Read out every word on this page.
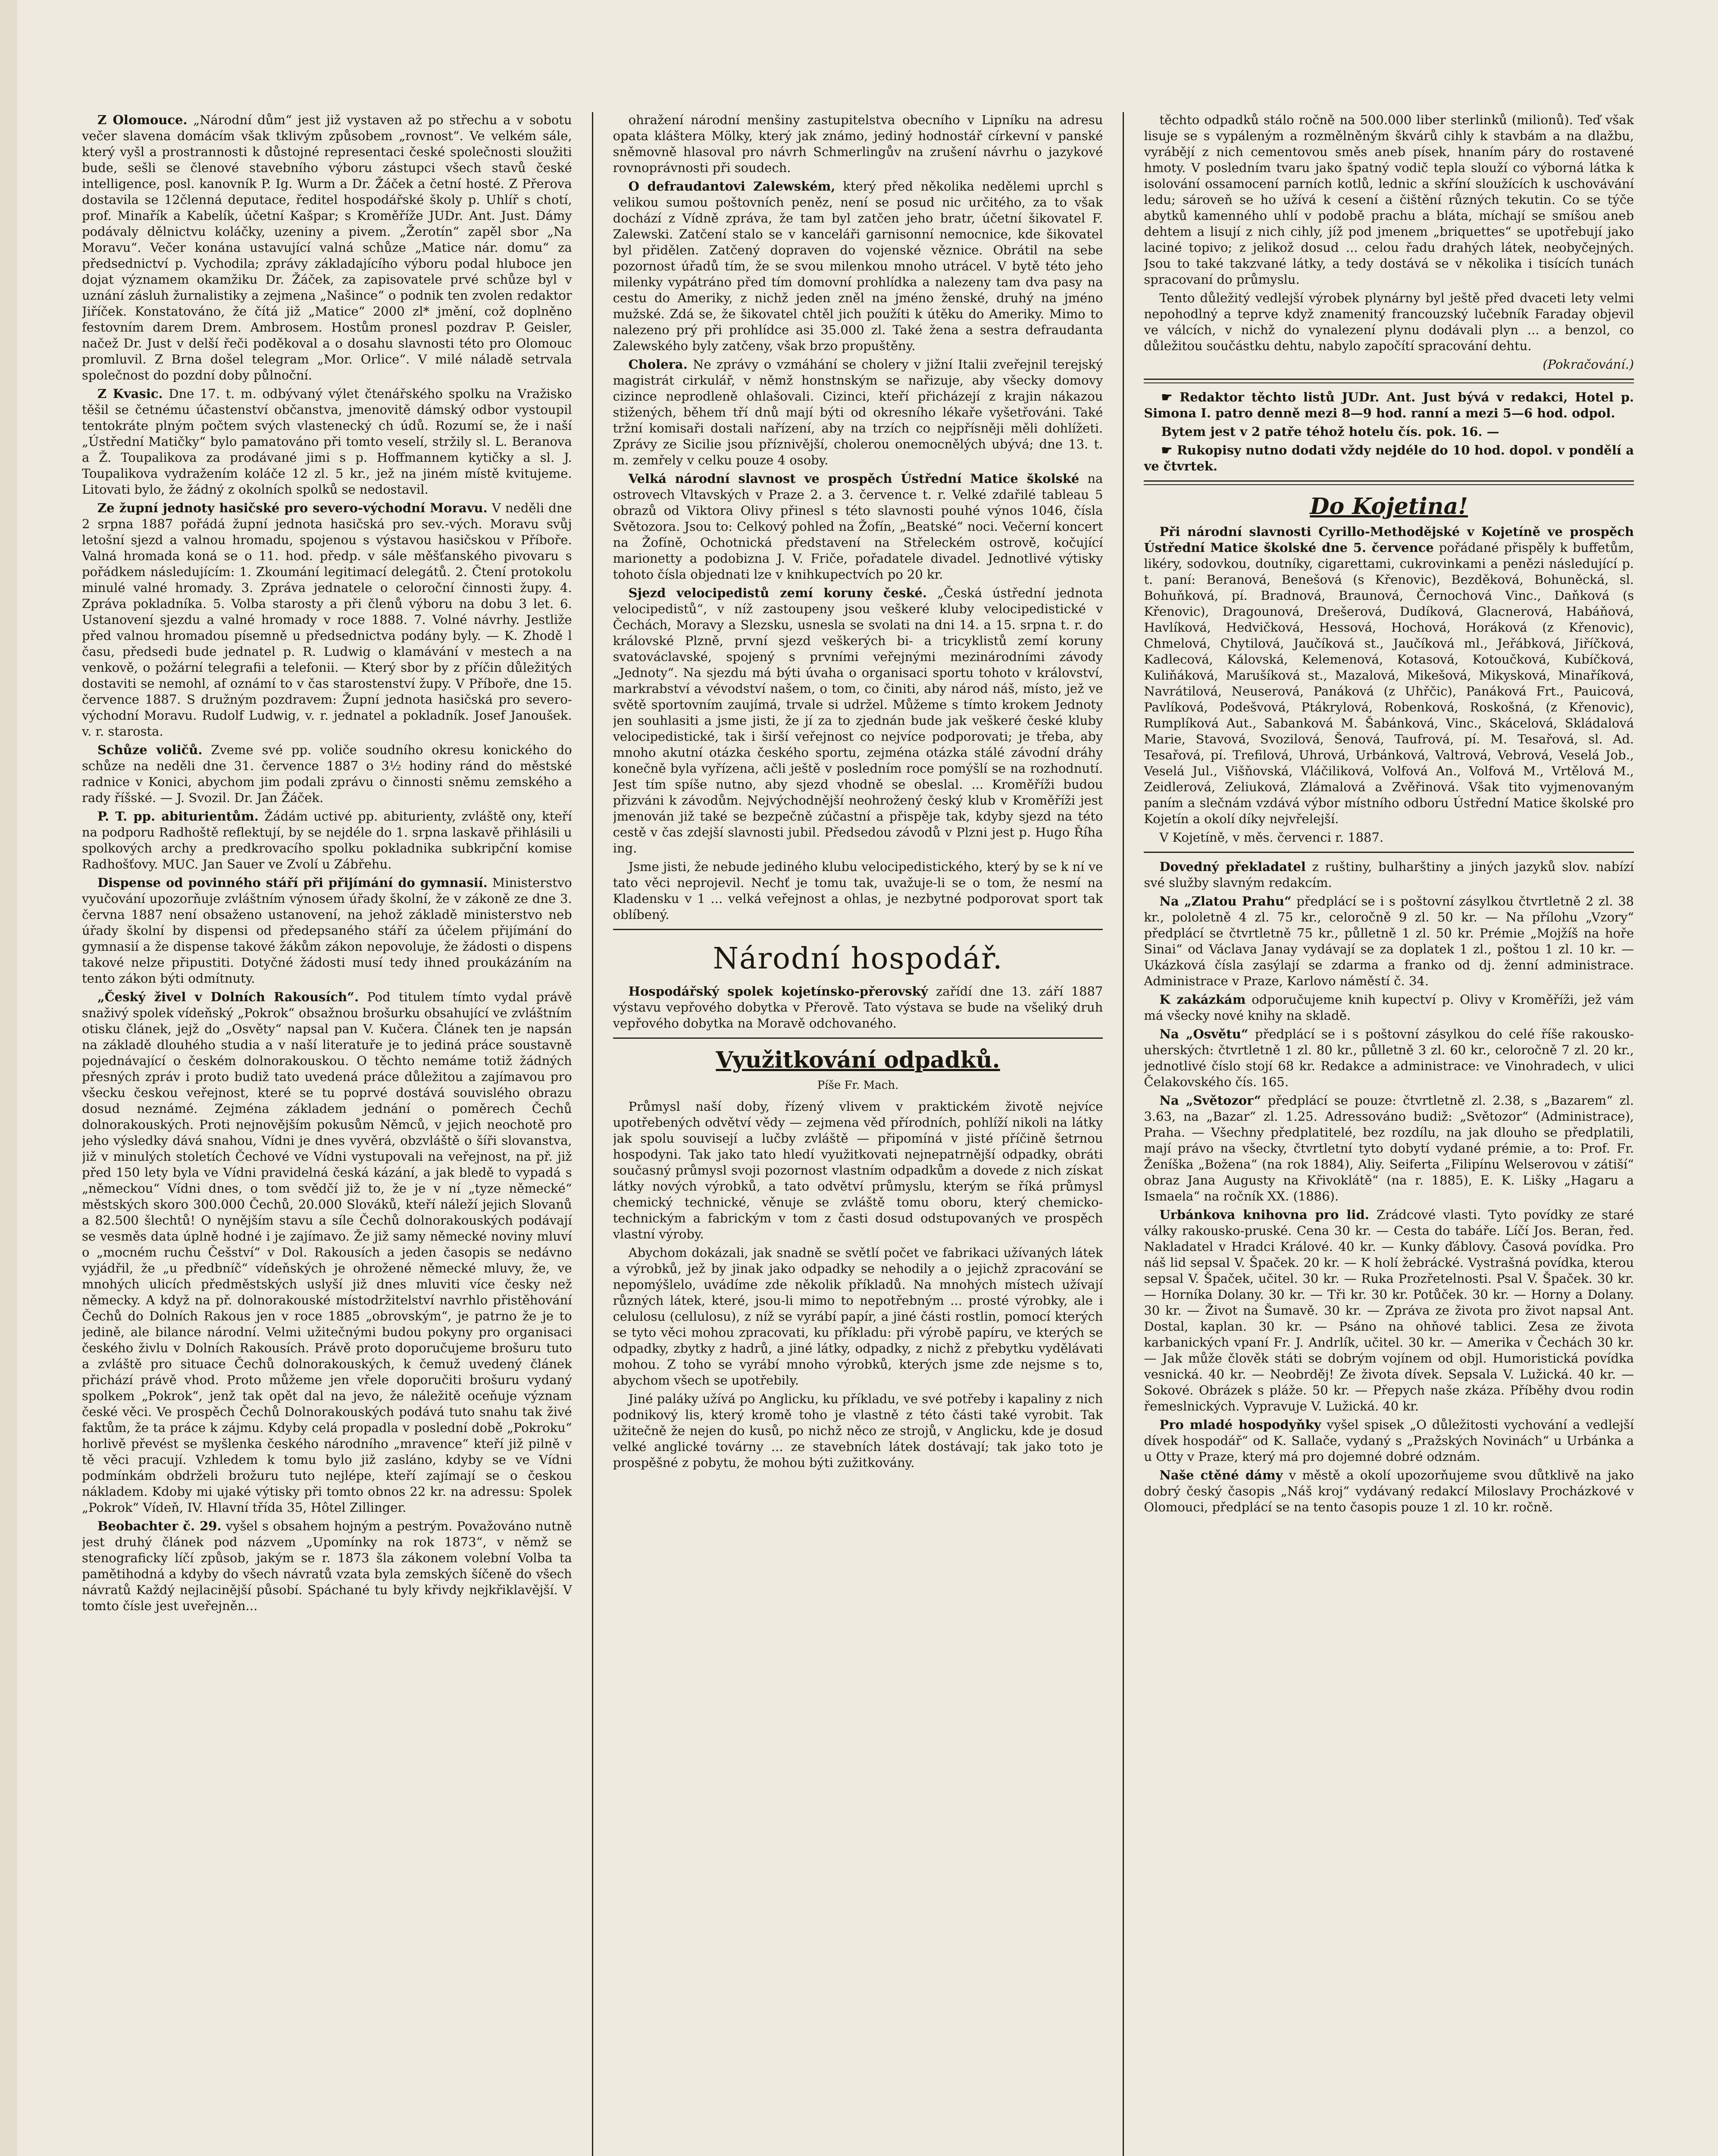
Z Olomouce. „Národní dům“ jest již vystaven až po střechu a v sobotu večer slavena domácím však tklivým způsobem „rovnost“. Ve velkém sále, který vyšl a prostrannosti k důstojné representaci české společnosti sloužiti bude, sešli se členové stavebního výboru zástupci všech stavů české intelligence, posl. kanovník P. Ig. Wurm a Dr. Žáček a četní hosté. Z Přerova dostavila se 12členná deputace, ředitel hospodářské školy p. Uhlíř s chotí, prof. Minařík a Kabelík, účetní Kašpar; s Kroměříže JUDr. Ant. Just. Dámy podávaly dělnictvu koláčky, uzeniny a pivem. „Žerotín“ zapěl sbor „Na Moravu“. Večer konána ustavující valná schůze „Matice nár. domu“ za předsednictví p. Vychodila; zprávy základajícího výboru podal hluboce jen dojat významem okamžiku Dr. Žáček, za zapisovatele prvé schůze byl v uznání zásluh žurnalistiky a zejmena „Našince“ o podnik ten zvolen redaktor Jiříček. Konstatováno, že čítá již „Matice“ 2000 zl* jmění, což doplněno festovním darem Drem. Ambrosem. Hostům pronesl pozdrav P. Geisler, načež Dr. Just v delší řeči poděkoval a o dosahu slavnosti této pro Olomouc promluvil. Z Brna došel telegram „Mor. Orlice“. V milé náladě setrvala společnost do pozdní doby půlnoční.

Z Kvasic. Dne 17. t. m. odbývaný výlet čtenářského spolku na Vražisko těšil se četnému účastenství občanstva, jmenovitě dámský odbor vystoupil tentokráte plným počtem svých vlastenecký ch údů. Rozumí se, že i naší „Ústřední Matičky“ bylo pamatováno při tomto veselí, stržily sl. L. Beranova a Ž. Toupalikova za prodávané jimi s p. Hoffmannem kytičky a sl. J. Toupalikova vydražením koláče 12 zl. 5 kr., jež na jiném místě kvitujeme. Litovati bylo, že žádný z okolních spolků se nedostavil.

Ze župní jednoty hasičské pro severo-východní Moravu. V neděli dne 2 srpna 1887 pořádá župní jednota hasičská pro sev.-vých. Moravu svůj letošní sjezd a valnou hromadu, spojenou s výstavou hasičskou v Příboře. Valná hromada koná se o 11. hod. předp. v sále měšťanského pivovaru s pořádkem následujícím: 1. Zkoumání legitimací delegátů. 2. Čtení protokolu minulé valné hromady. 3. Zpráva jednatele o celoroční činnosti župy. 4. Zpráva pokladníka. 5. Volba starosty a při členů výboru na dobu 3 let. 6. Ustanovení sjezdu a valné hromady v roce 1888. 7. Volné návrhy. Jestliže před valnou hromadou písemně u předsednictva podány byly. — K. Zhodě l času, předsedi bude jednatel p. R. Ludwig o klamávání v mestech a na venkově, o požární telegrafii a telefonii. — Který sbor by z příčin důležitých dostaviti se nemohl, af oznámí to v čas starostenství župy. V Příboře, dne 15. července 1887. S družným pozdravem: Župní jednota hasičská pro severo-východní Moravu. Rudolf Ludwig, v. r. jednatel a pokladník. Josef Janoušek. v. r. starosta.

Schůze voličů. Zveme své pp. voliče soudního okresu konického do schůze na neděli dne 31. července 1887 o 3½ hodiny ránd do městské radnice v Konici, abychom jim podali zprávu o činnosti sněmu zemského a rady říšské. — J. Svozil. Dr. Jan Žáček.

P. T. pp. abiturientům. Žádám uctivé pp. abiturienty, zvláště ony, kteří na podporu Radhoště reflektují, by se nejdéle do 1. srpna laskavě přihlásili u spolkových archy a predkrovacího spolku pokladnika subkripční komise Radhošťovy. MUC. Jan Sauer ve Zvolí u Zábřehu.

Dispense od povinného stáří při přijímání do gymnasií. Ministerstvo vyučování upozorňuje zvláštním výnosem úřady školní, že v zákoně ze dne 3. června 1887 není obsaženo ustanovení, na jehož základě ministerstvo neb úřady školní by dispensi od předepsaného stáří za účelem přijímání do gymnasií a že dispense takové žákům zákon nepovoluje, že žádosti o dispens takové nelze připustiti. Dotyčné žádosti musí tedy ihned proukázáním na tento zákon býti odmítnuty.

„Český živel v Dolních Rakousích“. Pod titulem tímto vydal právě snaživý spolek vídeňský „Pokrok“ obsažnou brošurku obsahující ve zvláštním otisku článek, jejž do „Osvěty“ napsal pan V. Kučera. Článek ten je napsán na základě dlouhého studia a v naší literatuře je to jediná práce soustavně pojednávající o českém dolnorakouskou. O těchto nemáme totiž žádných přesných zpráv i proto budiž tato uvedená práce důležitou a zajímavou pro všecku českou veřejnost, které se tu poprvé dostává souvislého obrazu dosud neznámé. Zejména základem jednání o poměrech Čechů dolnorakouských. Proti nejnovějším pokusům Němců, v jejich neochotě pro jeho výsledky dává snahou, Vídni je dnes vyvěrá, obzvláště o šíři slovanstva, již v minulých stoletích Čechové ve Vídni vystupovali na veřejnost, na př. již před 150 lety byla ve Vídni pravidelná česká kázání, a jak bledě to vypadá s „německou“ Vídni dnes, o tom svědčí již to, že je v ní „tyze německé“ městských skoro 300.000 Čechů, 20.000 Slováků, kteří náleží jejich Slovanů a 82.500 šlechtů! O nynějším stavu a síle Čechů dolnorakouských podávají se vesměs data úplně hodné i je zajímavo. Že již samy německé noviny mluví o „mocném ruchu Češství“ v Dol. Rakousích a jeden časopis se nedávno vyjádřil, že „u předbníč“ vídeňských je ohrožené německé mluvy, že, ve mnohých ulicích předměstských uslyší již dnes mluviti více česky než německy. A když na př. dolnorakouské místodržitelství navrhlo přistěhování Čechů do Dolních Rakous jen v roce 1885 „obrovským“, je patrno že je to jedině, ale bilance národní. Velmi užitečnými budou pokyny pro organisaci českého živlu v Dolních Rakousích. Právě proto doporučujeme brošuru tuto a zvláště pro situace Čechů dolnorakouských, k čemuž uvedený článek přichází právě vhod. Proto můžeme jen vřele doporučiti brošuru vydaný spolkem „Pokrok“, jenž tak opět dal na jevo, že náležitě oceňuje význam české věci. Ve prospěch Čechů Dolnorakouských podává tuto snahu tak živé faktům, že ta práce k zájmu. Kdyby celá propadla v poslední době „Pokroku“ horlivě převést se myšlenka českého národního „mravence“ kteří již pilně v tě věci pracují. Vzhledem k tomu bylo již zasláno, kdyby se ve Vídni podmínkám obdrželi brožuru tuto nejlépe, kteří zajímají se o českou nákladem. Kdoby mi ujaké výtisky při tomto obnos 22 kr. na adressu: Spolek „Pokrok“ Vídeň, IV. Hlavní třída 35, Hôtel Zillinger.

Beobachter č. 29. vyšel s obsahem hojným a pestrým. Považováno nutně jest druhý článek pod názvem „Upomínky na rok 1873“, v němž se stenograficky líčí způsob, jakým se r. 1873 šla zákonem volební Volba ta pamětihodná a kdyby do všech návratů vzata byla zemských šíčeně do všech návratů Každý nejlacinější působí. Spáchané tu byly křivdy nejkřiklavější. V tomto čísle jest uveřejněn...

ohražení národní menšiny zastupitelstva obecního v Lipníku na adresu opata kláštera Mölky, který jak známo, jediný hodnostář církevní v panské sněmovně hlasoval pro návrh Schmerlingův na zrušení návrhu o jazykové rovnoprávnosti při soudech.

O defraudantovi Zalewském, který před několika nedělemi uprchl s velikou sumou poštovních peněz, není se posud nic určitého, za to však dochází z Vídně zpráva, že tam byl zatčen jeho bratr, účetní šikovatel F. Zalewski. Zatčení stalo se v kanceláři garnisonní nemocnice, kde šikovatel byl přidělen. Zatčený dopraven do vojenské věznice. Obrátil na sebe pozornost úřadů tím, že se svou milenkou mnoho utrácel. V bytě této jeho milenky vypátráno před tím domovní prohlídka a nalezeny tam dva pasy na cestu do Ameriky, z nichž jeden zněl na jméno ženské, druhý na jméno mužské. Zdá se, že šikovatel chtěl jich použíti k útěku do Ameriky. Mimo to nalezeno prý při prohlídce asi 35.000 zl. Také žena a sestra defraudanta Zalewského byly zatčeny, však brzo propuštěny.

Cholera. Ne zprávy o vzmáhání se cholery v jižní Italii zveřejnil terejský magistrát cirkulář, v němž honstnským se nařizuje, aby všecky domovy cizince neprodleně ohlašovali. Cizinci, kteří přicházejí z krajin nákazou stižených, během tří dnů mají býti od okresního lékaře vyšetřováni. Také tržní komisaři dostali nařízení, aby na trzích co nejpřísněji měli dohlížeti. Zprávy ze Sicilie jsou příznivější, cholerou onemocnělých ubývá; dne 13. t. m. zemřely v celku pouze 4 osoby.

Velká národní slavnost ve prospěch Ústřední Matice školské na ostrovech Vltavských v Praze 2. a 3. července t. r. Velké zdařilé tableau 5 obrazů od Viktora Olivy přinesl s této slavnosti pouhé výnos 1046, čísla Světozora. Jsou to: Celkový pohled na Žofín, „Beatské“ noci. Večerní koncert na Žofíně, Ochotnická představení na Střeleckém ostrově, kočující marionetty a podobizna J. V. Friče, pořadatele divadel. Jednotlivé výtisky tohoto čísla objednati lze v knihkupectvích po 20 kr.

Sjezd velocipedistů zemí koruny české. „Česká ústřední jednota velocipedistů“, v níž zastoupeny jsou veškeré kluby velocipedistické v Čechách, Moravy a Slezsku, usnesla se svolati na dni 14. a 15. srpna t. r. do královské Plzně, první sjezd veškerých bi- a tricyklistů zemí koruny svatováclavské, spojený s prvními veřejnými mezinárodními závody „Jednoty“. Na sjezdu má býti úvaha o organisaci sportu tohoto v království, markrabství a vévodství našem, o tom, co činiti, aby národ náš, místo, jež ve světě sportovním zaujímá, trvale si udržel. Můžeme s tímto krokem Jednoty jen souhlasiti a jsme jisti, že jí za to zjednán bude jak veškeré české kluby velocipedistické, tak i širší veřejnost co nejvíce podporovati; je třeba, aby mnoho akutní otázka českého sportu, zejména otázka stálé závodní dráhy konečně byla vyřízena, ačli ještě v posledním roce pomýšlí se na rozhodnutí. Jest tím spíše nutno, aby sjezd vhodně se obeslal. ... Kroměříži budou přizváni k závodům. Nejvýchodnější neohrožený český klub v Kroměříži jest jmenován již také se bezpečně zúčastní a přispěje tak, kdyby sjezd na této cestě v čas zdejší slavnosti jubil. Předsedou závodů v Plzni jest p. Hugo Říha ing.

Jsme jisti, že nebude jediného klubu velocipedistického, který by se k ní ve tato věci neprojevil. Nechť je tomu tak, uvažuje-li se o tom, že nesmí na Kladensku v 1 ... velká veřejnost a ohlas, je nezbytné podporovat sport tak oblíbený.

Národní hospodář.

Hospodářský spolek kojetínsko-přerovský zařídí dne 13. září 1887 výstavu vepřového dobytka v Přerově. Tato výstava se bude na všeliký druh vepřového dobytka na Moravě odchovaného.

Využitkování odpadků.
Píše Fr. Mach.

Průmysl naší doby, řízený vlivem v praktickém životě nejvíce upotřebených odvětví vědy — zejmena věd přírodních, pohlíží nikoli na látky jak spolu souvisejí a lučby zvláště — připomíná v jisté příčině šetrnou hospodyni. Tak jako tato hledí využitkovati nejnepatrnější odpadky, obráti současný průmysl svoji pozornost vlastním odpadkům a dovede z nich získat látky nových výrobků, a tato odvětví průmyslu, kterým se říká průmysl chemický technické, věnuje se zvláště tomu oboru, který chemicko-technickým a fabrickým v tom z časti dosud odstupovaných ve prospěch vlastní výroby.

Abychom dokázali, jak snadně se světlí počet ve fabrikaci užívaných látek a výrobků, jež by jinak jako odpadky se nehodily a o jejichž zpracování se nepomýšlelo, uvádíme zde několik příkladů. Na mnohých místech užívají různých látek, které, jsou-li mimo to nepotřebným ... prosté výrobky, ale i celulosu (cellulosu), z níž se vyrábí papír, a jiné části rostlin, pomocí kterých se tyto věci mohou zpracovati, ku příkladu: při výrobě papíru, ve kterých se odpadky, zbytky z hadrů, a jiné látky, odpadky, z nichž z přebytku vydělávati mohou. Z toho se vyrábí mnoho výrobků, kterých jsme zde nejsme s to, abychom všech se upotřebily.

Jiné paláky užívá po Anglicku, ku příkladu, ve své potřeby i kapaliny z nich podnikový lis, který kromě toho je vlastně z této části také vyrobit. Tak užitečně že nejen do kusů, po nichž něco ze strojů, v Anglicku, kde je dosud velké anglické továrny ... ze stavebních látek dostávají; tak jako toto je prospěšné z pobytu, že mohou býti zužitkovány.

těchto odpadků stálo ročně na 500.000 liber sterlinků (milionů). Teď však lisuje se s vypáleným a rozmělněným škvárů cihly k stavbám a na dlažbu, vyrábějí z nich cementovou směs aneb písek, hnaním páry do rostavené hmoty. V posledním tvaru jako špatný vodič tepla slouží co výborná látka k isolování ossamocení parních kotlů, lednic a skříní sloužících k uschovávání ledu; sároveň se ho užívá k cesení a čištění různých tekutin. Co se týče abytků kamenného uhlí v podobě prachu a bláta, míchají se smíšou aneb dehtem a lisují z nich cihly, jíž pod jmenem „briquettes“ se upotřebují jako laciné topivo; z jelikož dosud ... celou řadu drahých látek, neobyčejných. Jsou to také takzvané látky, a tedy dostává se v několika i tisících tunách spracovaní do průmyslu.

Tento důležitý vedlejší výrobek plynárny byl ještě před dvaceti lety velmi nepohodlný a teprve když znamenitý francouzský lučebník Faraday objevil ve válcích, v nichž do vynalezení plynu dodávali plyn ... a benzol, co důležitou součástku dehtu, nabylo započítí spracování dehtu.

(Pokračování.)

☛ Redaktor těchto listů JUDr. Ant. Just bývá v redakci, Hotel p. Simona I. patro denně mezi 8—9 hod. ranní a mezi 5—6 hod. odpol.

Bytem jest v 2 patře téhož hotelu čís. pok. 16. —

☛ Rukopisy nutno dodati vždy nejdéle do 10 hod. dopol. v pondělí a ve čtvrtek.

Do Kojetina!

Při národní slavnosti Cyrillo-Methodějské v Kojetíně ve prospěch Ústřední Matice školské dne 5. července pořádané přispěly k buffetům, likéry, sodovkou, doutníky, cigarettami, cukrovinkami a penězi následující p. t. paní: Beranová, Benešová (s Křenovic), Bezděková, Bohuněcká, sl. Bohuňková, pí. Bradnová, Braunová, Černochová Vinc., Daňková (s Křenovic), Dragounová, Drešerová, Dudíková, Glacnerová, Habáňová, Havlíková, Hedvičková, Hessová, Hochová, Horáková (z Křenovic), Chmelová, Chytilová, Jaučíková st., Jaučíková ml., Jeřábková, Jiříčková, Kadlecová, Kálovská, Kelemenová, Kotasová, Kotoučková, Kubíčková, Kuliňáková, Marušíková st., Mazalová, Mikešová, Mikysková, Minaříková, Navrátilová, Neuserová, Panáková (z Uhřčic), Panáková Frt., Pauicová, Pavlíková, Podešvová, Ptákrylová, Robenková, Roskošná, (z Křenovic), Rumplíková Aut., Sabanková M. Šabánková, Vinc., Skácelová, Skládalová Marie, Stavová, Svozilová, Šenová, Taufrová, pí. M. Tesařová, sl. Ad. Tesařová, pí. Trefilová, Uhrová, Urbánková, Valtrová, Vebrová, Veselá Job., Veselá Jul., Višňovská, Vláčiliková, Volfová An., Volfová M., Vrtělová M., Zeidlerová, Zeliuková, Zlámalová a Zvěřinová. Však tito vyjmenovaným paním a slečnám vzdává výbor místního odboru Ústřední Matice školské pro Kojetín a okolí díky nejvřelejší.

V Kojetíně, v měs. červenci r. 1887.

Dovedný překladatel z ruštiny, bulharštiny a jiných jazyků slov. nabízí své služby slavným redakcím.

Na „Zlatou Prahu“ předplácí se i s poštovní zásylkou čtvrtletně 2 zl. 38 kr., pololetně 4 zl. 75 kr., celoročně 9 zl. 50 kr. — Na přílohu „Vzory“ předplácí se čtvrtletně 75 kr., půlletně 1 zl. 50 kr. Prémie „Mojžíš na hoře Sinai“ od Václava Janay vydávají se za doplatek 1 zl., poštou 1 zl. 10 kr. — Ukázková čísla zasýlají se zdarma a franko od dj. ženní administrace. Administrace v Praze, Karlovo náměstí č. 34.

K zakázkám odporučujeme knih kupectví p. Olivy v Kroměříži, jež vám má všecky nové knihy na skladě.

Na „Osvětu“ předplácí se i s poštovní zásylkou do celé říše rakousko-uherských: čtvrtletně 1 zl. 80 kr., půlletně 3 zl. 60 kr., celoročně 7 zl. 20 kr., jednotlivé číslo stojí 68 kr. Redakce a administrace: ve Vinohradech, v ulici Čelakovského čís. 165.

Na „Světozor“ předplácí se pouze: čtvrtletně zl. 2.38, s „Bazarem“ zl. 3.63, na „Bazar“ zl. 1.25. Adressováno budiž: „Světozor“ (Administrace), Praha. — Všechny předplatitelé, bez rozdílu, na jak dlouho se předplatili, mají právo na všecky, čtvrtletní tyto dobytí vydané prémie, a to: Prof. Fr. Ženíška „Božena“ (na rok 1884), Aliy. Seiferta „Filipínu Welserovou v zátiší“ obraz Jana Augusty na Křivoklátě“ (na r. 1885), E. K. Lišky „Hagaru a Ismaela“ na ročník XX. (1886).

Urbánkova knihovna pro lid. Zrádcové vlasti. Tyto povídky ze staré války rakousko-pruské. Cena 30 kr. — Cesta do tabáře. Líčí Jos. Beran, řed. Nakladatel v Hradci Králové. 40 kr. — Kunky ďáblovy. Časová povídka. Pro náš lid sepsal V. Špaček. 20 kr. — K holí žebrácké. Vystrašná povídka, kterou sepsal V. Špaček, učitel. 30 kr. — Ruka Prozřetelnosti. Psal V. Špaček. 30 kr. — Horníka Dolany. 30 kr. — Tři kr. 30 kr. Potůček. 30 kr. — Horny a Dolany. 30 kr. — Život na Šumavě. 30 kr. — Zpráva ze života pro život napsal Ant. Dostal, kaplan. 30 kr. — Psáno na ohňové tablici. Zesa ze života karbanických vpaní Fr. J. Andrlík, učitel. 30 kr. — Amerika v Čechách 30 kr. — Jak může člověk státi se dobrým vojínem od objl. Humoristická povídka vesnická. 40 kr. — Neobrděj! Ze života dívek. Sepsala V. Lužická. 40 kr. — Sokové. Obrázek s pláže. 50 kr. — Přepych naše zkáza. Příběhy dvou rodin řemeslnických. Vypravuje V. Lužická. 40 kr.

Pro mladé hospodyňky vyšel spisek „O důležitosti vychování a vedlejší dívek hospodář“ od K. Sallače, vydaný s „Pražských Novinách“ u Urbánka a u Otty v Praze, který má pro dojemné dobré odznám.

Naše ctěné dámy v městě a okolí upozorňujeme svou důtklivě na jako dobrý český časopis „Náš kroj“ vydávaný redakcí Miloslavy Procházkové v Olomouci, předplácí se na tento časopis pouze 1 zl. 10 kr. ročně.
